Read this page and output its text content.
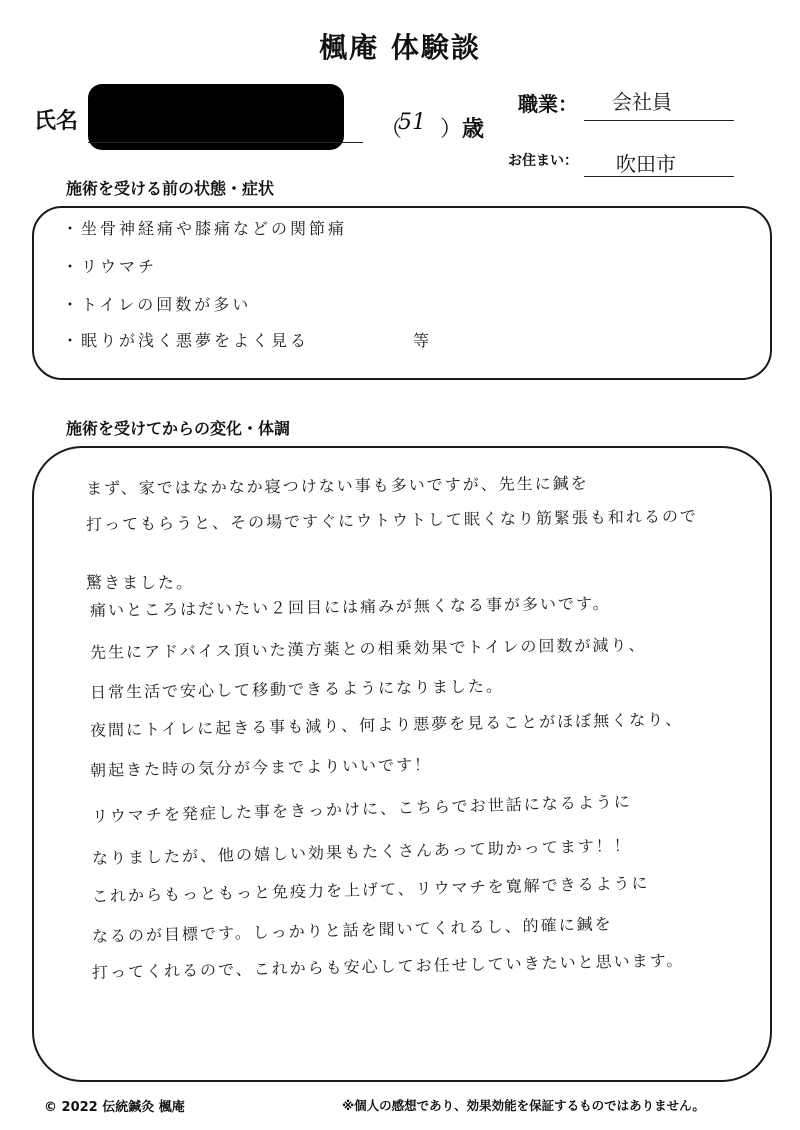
楓庵 体験談
氏名	（
51 ） 歳
職業： 会社員
お住まい： 吹田市
施術を受ける前の状態・症状
・坐骨神経痛や膝痛などの関節痛
・リウマチ
・トイレの回数が多い
・眠りが浅く悪夢をよく見る	等
施術を受けてからの変化・体調
まず、家ではなかなか寝つけない事も多いですが、先生に鍼を
打ってもらうと、その場ですぐにウトウトして眠くなり筋緊張も和れるので
驚きました。
痛いところはだいたい２回目には痛みが無くなる事が多いです。
先生にアドバイス頂いた漢方薬との相乗効果でトイレの回数が減り、
日常生活で安心して移動できるようになりました。
夜間にトイレに起きる事も減り、何より悪夢を見ることがほぼ無くなり、
朝起きた時の気分が今までよりいいです！
リウマチを発症した事をきっかけに、こちらでお世話になるように
なりましたが、他の嬉しい効果もたくさんあって助かってます！！
これからもっともっと免疫力を上げて、リウマチを寛解できるように
なるのが目標です。しっかりと話を聞いてくれるし、的確に鍼を
打ってくれるので、これからも安心してお任せしていきたいと思います。
© 2022 伝統鍼灸 楓庵	※個人の感想であり、効果効能を保証するものではありません。
